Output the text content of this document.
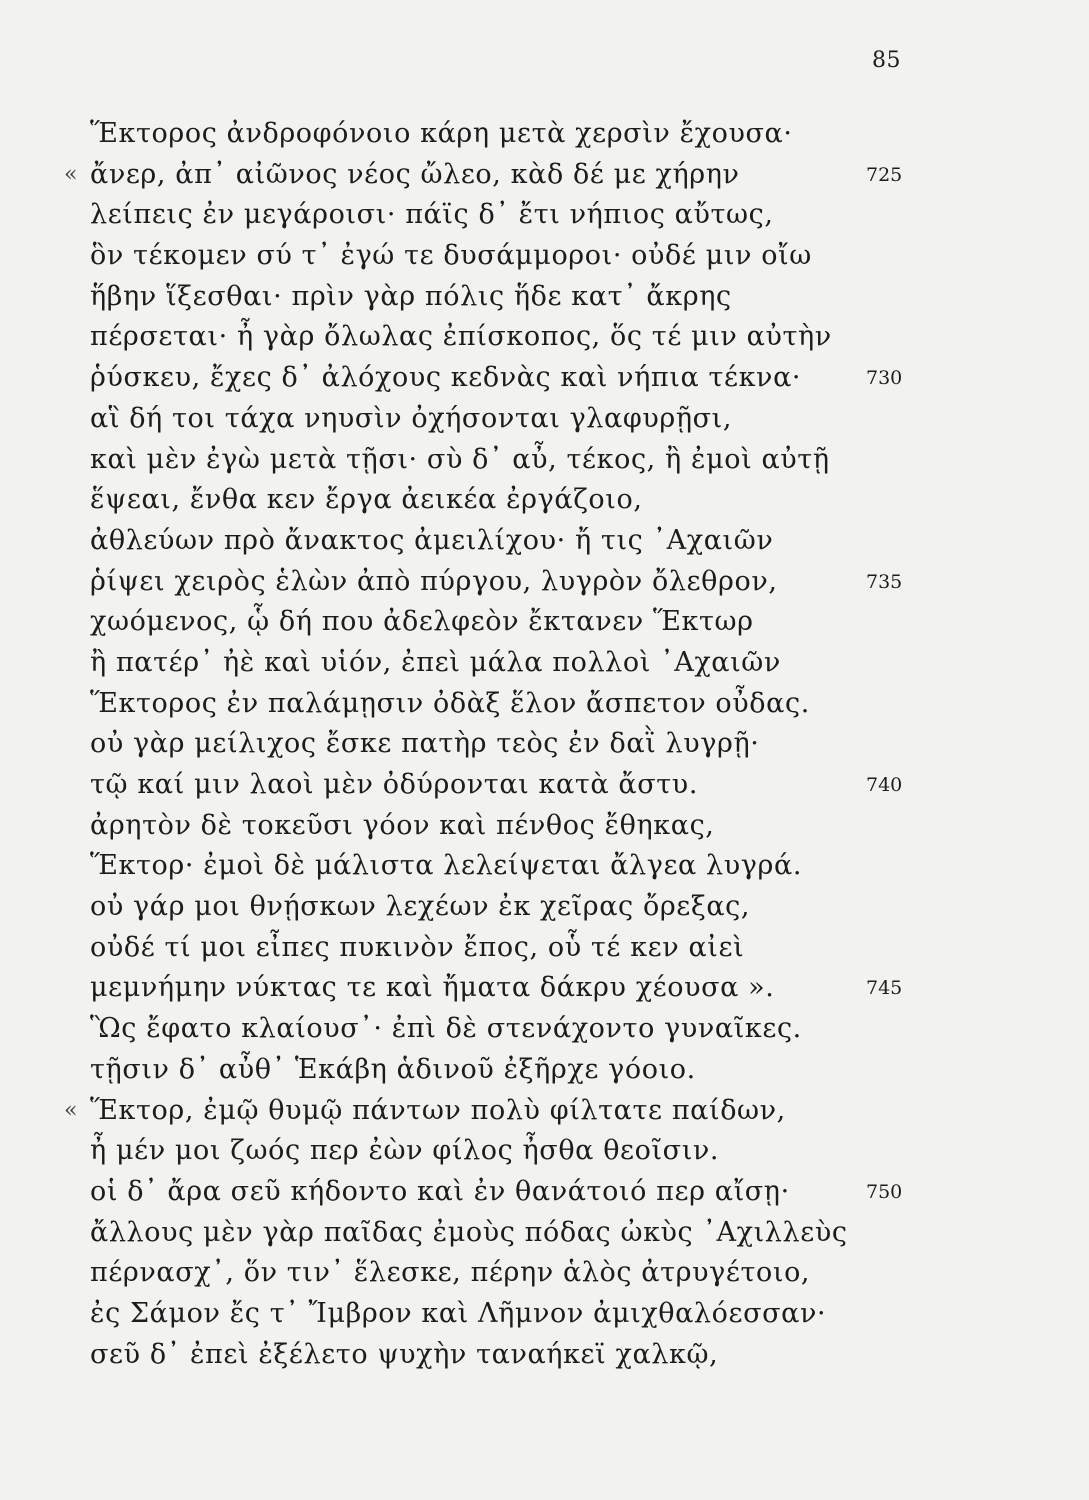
85
Ἕκτορος ἀνδροφόνοιο κάρη μετὰ χερσὶν ἔχουσα·
« ἄνερ, ἀπ᾿ αἰῶνος νέος ὤλεο, κὰδ δέ με χήρην	725
λείπεις ἐν μεγάροισι· πάϊς δ᾿ ἔτι νήπιος αὔτως,
ὃν τέκομεν σύ τ᾿ ἐγώ τε δυσάμμοροι· οὐδέ μιν οἴω
ἥβην ἵξεσθαι· πρὶν γὰρ πόλις ἥδε κατ᾿ ἄκρης
πέρσεται· ἦ γὰρ ὄλωλας ἐπίσκοπος, ὅς τέ μιν αὐτὴν
ῥύσκευ, ἔχες δ᾿ ἀλόχους κεδνὰς καὶ νήπια τέκνα·	730
αἳ δή τοι τάχα νηυσὶν ὀχήσονται γλαφυρῇσι,
καὶ μὲν ἐγὼ μετὰ τῇσι· σὺ δ᾿ αὖ, τέκος, ἢ ἐμοὶ αὐτῇ
ἕψεαι, ἔνθα κεν ἔργα ἀεικέα ἐργάζοιο,
ἀθλεύων πρὸ ἄνακτος ἀμειλίχου· ἤ τις ᾿Αχαιῶν
ῥίψει χειρὸς ἑλὼν ἀπὸ πύργου, λυγρὸν ὄλεθρον,	735
χωόμενος, ᾧ δή που ἀδελφεὸν ἔκτανεν Ἕκτωρ
ἢ πατέρ᾿ ἠὲ καὶ υἱόν, ἐπεὶ μάλα πολλοὶ ᾿Αχαιῶν
Ἕκτορος ἐν παλάμῃσιν ὀδὰξ ἕλον ἄσπετον οὖδας.
οὐ γὰρ μείλιχος ἔσκε πατὴρ τεὸς ἐν δαῒ λυγρῇ·
τῷ καί μιν λαοὶ μὲν ὀδύρονται κατὰ ἄστυ.	740
ἀρητὸν δὲ τοκεῦσι γόον καὶ πένθος ἔθηκας,
Ἕκτορ· ἐμοὶ δὲ μάλιστα λελείψεται ἄλγεα λυγρά.
οὐ γάρ μοι θνῄσκων λεχέων ἐκ χεῖρας ὄρεξας,
οὐδέ τί μοι εἶπες πυκινὸν ἔπος, οὗ τέ κεν αἰεὶ
μεμνήμην νύκτας τε καὶ ἤματα δάκρυ χέουσα ».	745
Ὣς ἔφατο κλαίουσ᾿· ἐπὶ δὲ στενάχοντο γυναῖκες.
τῇσιν δ᾿ αὖθ᾿ Ἑκάβη ἁδινοῦ ἐξῆρχε γόοιο.
« Ἕκτορ, ἐμῷ θυμῷ πάντων πολὺ φίλτατε παίδων,
ἦ μέν μοι ζωός περ ἐὼν φίλος ἦσθα θεοῖσιν.
οἱ δ᾿ ἄρα σεῦ κήδοντο καὶ ἐν θανάτοιό περ αἴσῃ·	750
ἄλλους μὲν γὰρ παῖδας ἐμοὺς πόδας ὠκὺς ᾿Αχιλλεὺς
πέρνασχ᾿, ὅν τιν᾿ ἕλεσκε, πέρην ἁλὸς ἀτρυγέτοιο,
ἐς Σάμον ἔς τ᾿ Ἴμβρον καὶ Λῆμνον ἀμιχθαλόεσσαν·
σεῦ δ᾿ ἐπεὶ ἐξέλετο ψυχὴν ταναήκεϊ χαλκῷ,
